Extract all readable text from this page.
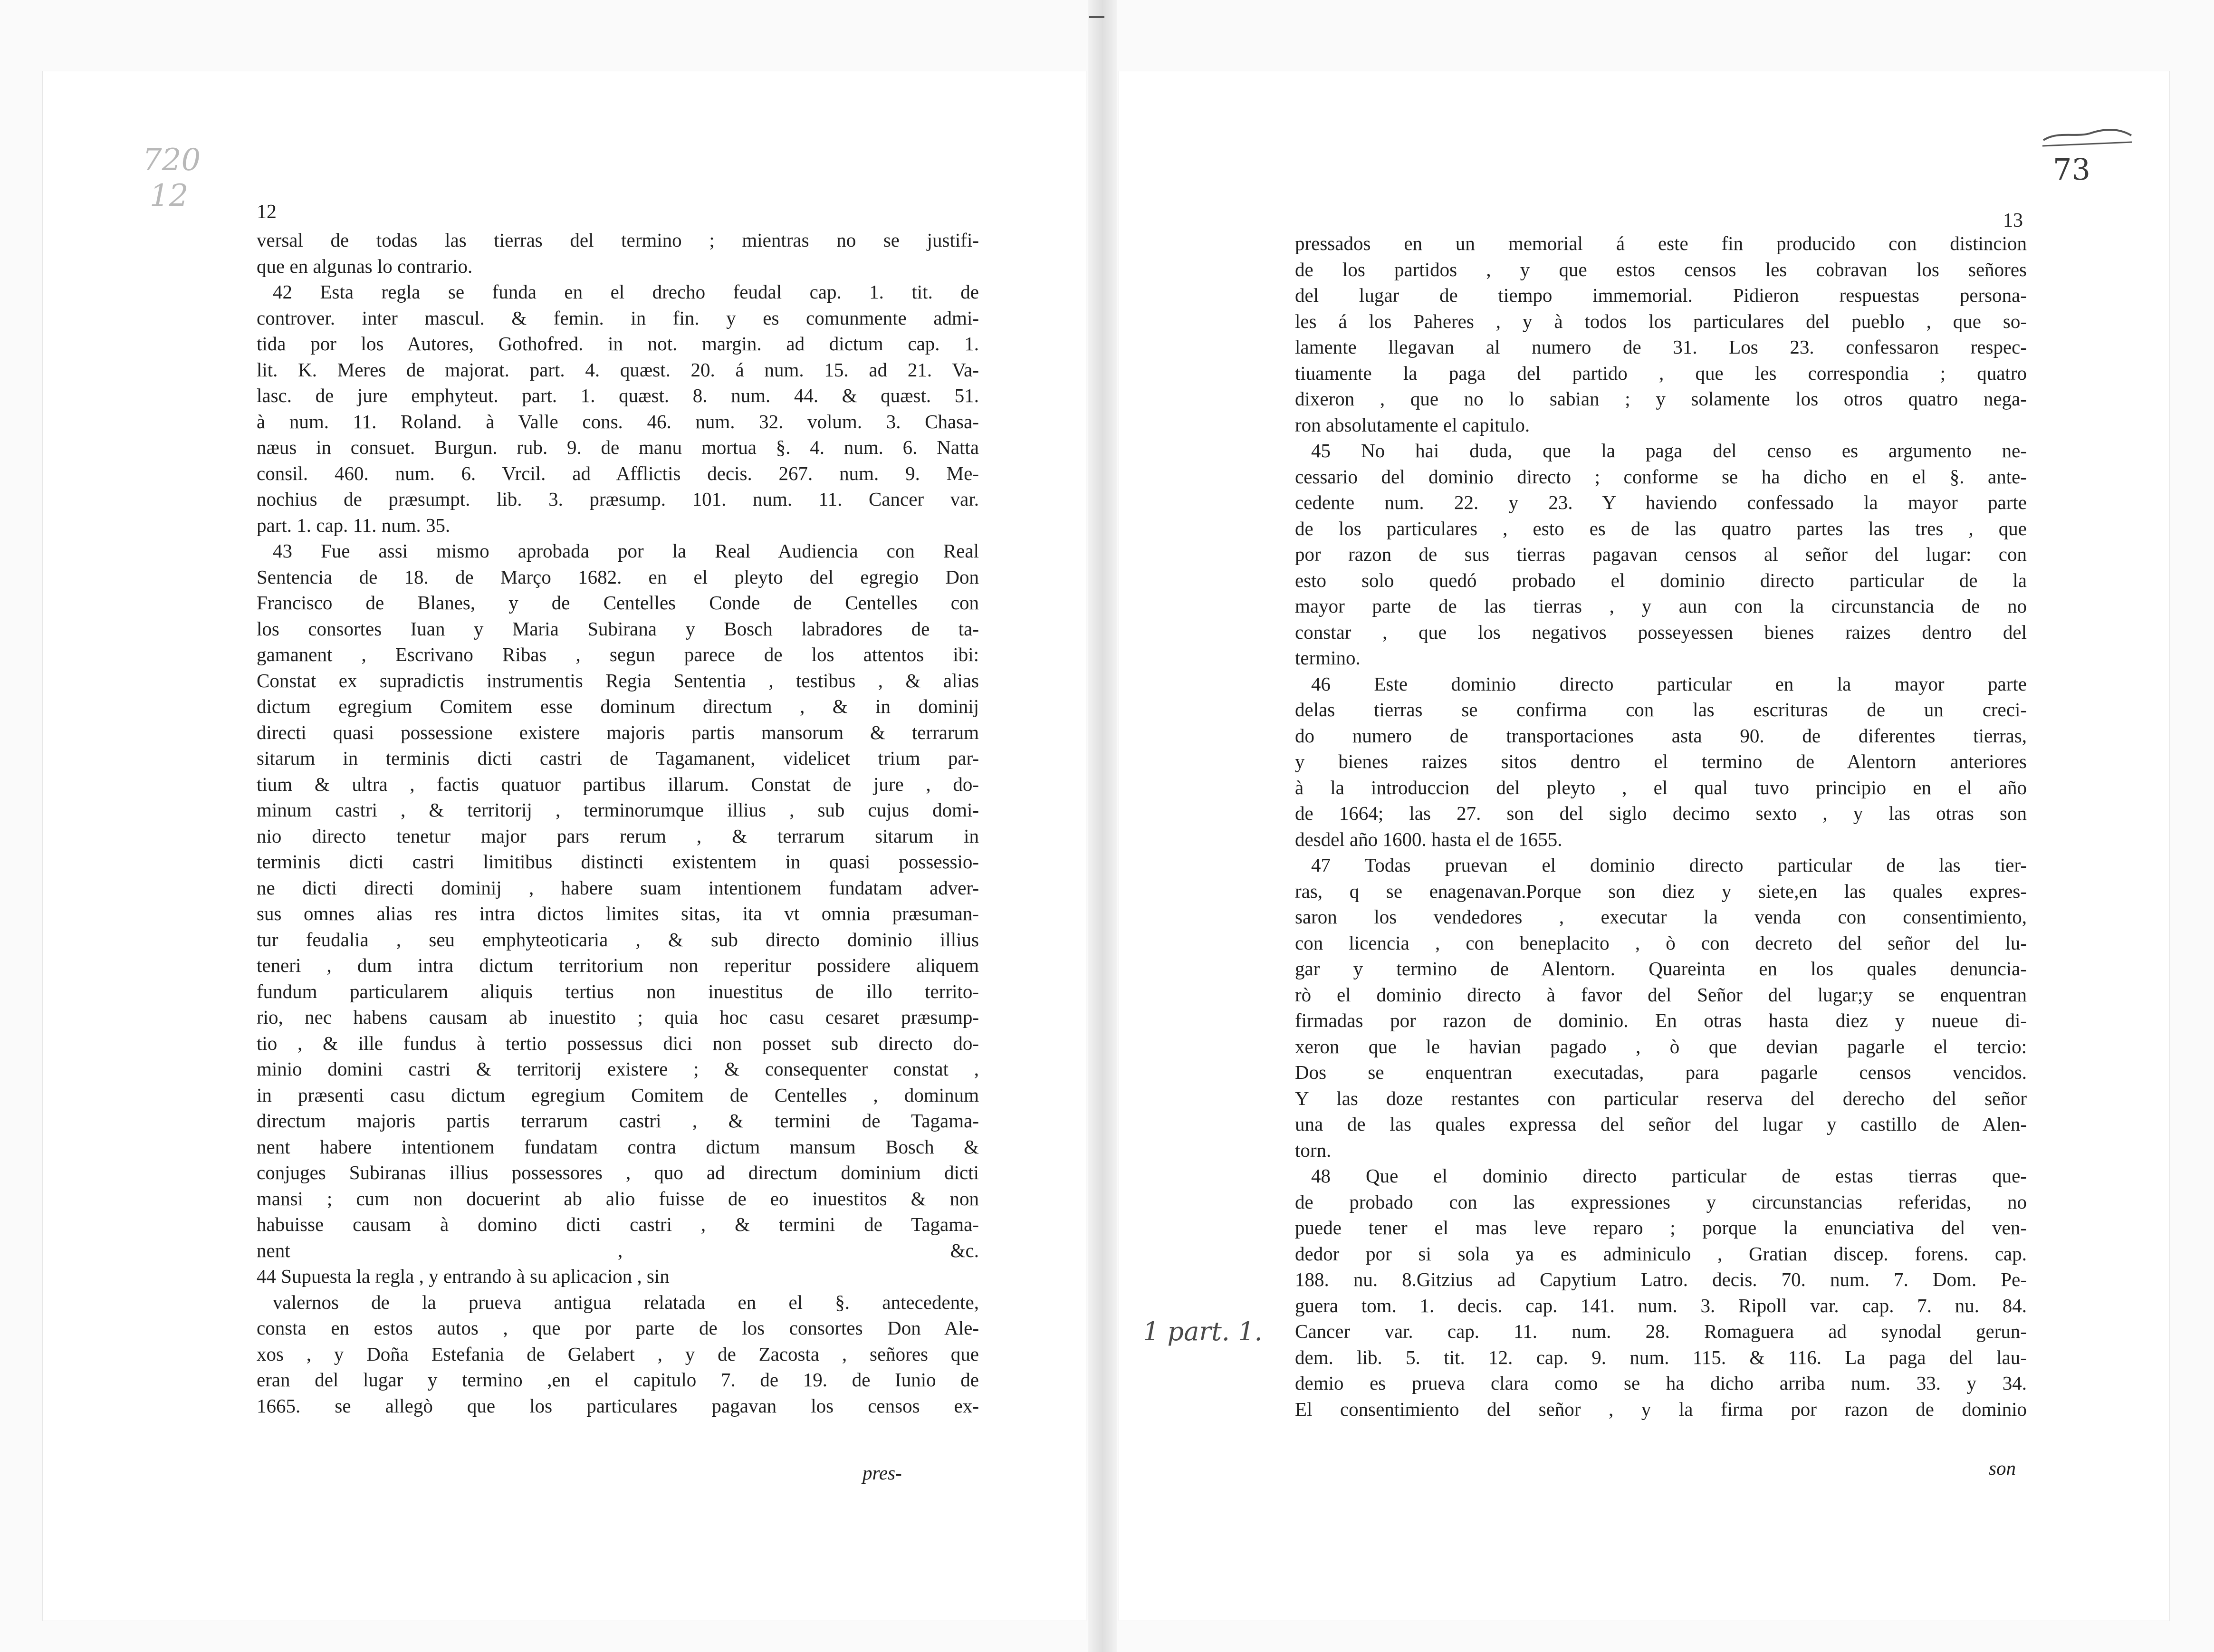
720
12	12
versal de todas las tierras del termino ; mientras no se justifi-
que en algunas lo contrario.
42 Esta regla se funda en el drecho feudal cap. 1. tit. de
controver. inter mascul. & femin. in fin. y es comunmente admi-
tida por los Autores, Gothofred. in not. margin. ad dictum cap. 1.
lit. K. Meres de majorat. part. 4. quæst. 20. á num. 15. ad 21. Va-
lasc. de jure emphyteut. part. 1. quæst. 8. num. 44. & quæst. 51.
à num. 11. Roland. à Valle cons. 46. num. 32. volum. 3. Chasa-
næus in consuet. Burgun. rub. 9. de manu mortua §. 4. num. 6. Natta
consil. 460. num. 6. Vrcil. ad Afflictis decis. 267. num. 9. Me-
nochius de præsumpt. lib. 3. præsump. 101. num. 11. Cancer var.
part. 1. cap. 11. num. 35.
43 Fue assi mismo aprobada por la Real Audiencia con Real
Sentencia de 18. de Março 1682. en el pleyto del egregio Don
Francisco de Blanes, y de Centelles Conde de Centelles con
los consortes Iuan y Maria Subirana y Bosch labradores de ta-
gamanent , Escrivano Ribas , segun parece de los attentos ibi:
Constat ex supradictis instrumentis Regia Sententia , testibus , & alias
dictum egregium Comitem esse dominum directum , & in dominij
directi quasi possessione existere majoris partis mansorum & terrarum
sitarum in terminis dicti castri de Tagamanent, videlicet trium par-
tium & ultra , factis quatuor partibus illarum. Constat de jure , do-
minum castri , & territorij , terminorumque illius , sub cujus domi-
nio directo tenetur major pars rerum , & terrarum sitarum in
terminis dicti castri limitibus distincti existentem in quasi possessio-
ne dicti directi dominij , habere suam intentionem fundatam adver-
sus omnes alias res intra dictos limites sitas, ita vt omnia præsuman-
tur feudalia , seu emphyteoticaria , & sub directo dominio illius
teneri , dum intra dictum territorium non reperitur possidere aliquem
fundum particularem aliquis tertius non inuestitus de illo territo-
rio, nec habens causam ab inuestito ; quia hoc casu cesaret præsump-
tio , & ille fundus à tertio possessus dici non posset sub directo do-
minio domini castri & territorij existere ; & consequenter constat ,
in præsenti casu dictum egregium Comitem de Centelles , dominum
directum majoris partis terrarum castri , & termini de Tagama-
nent habere intentionem fundatam contra dictum mansum Bosch &
conjuges Subiranas illius possessores , quo ad directum dominium dicti
mansi ; cum non docuerint ab alio fuisse de eo inuestitos & non
habuisse causam à domino dicti castri , & termini de Tagama-
nent , &c.
44 Supuesta la regla , y entrando à su aplicacion , sin
valernos de la prueva antigua relatada en el §. antecedente,
consta en estos autos , que por parte de los consortes Don Ale-
xos , y Doña Estefania de Gelabert , y de Zacosta , señores que
eran del lugar y termino ,en el capitulo 7. de 19. de Iunio de
1665. se allegò que los particulares pagavan los censos ex-
pres-
73
13
pressados en un memorial á este fin producido con distincion
de los partidos , y que estos censos les cobravan los señores
del lugar de tiempo immemorial. Pidieron respuestas persona-
les á los Paheres , y à todos los particulares del pueblo , que so-
lamente llegavan al numero de 31. Los 23. confessaron respec-
tiuamente la paga del partido , que les correspondia ; quatro
dixeron , que no lo sabian ; y solamente los otros quatro nega-
ron absolutamente el capitulo.
45 No hai duda, que la paga del censo es argumento ne-
cessario del dominio directo ; conforme se ha dicho en el §. ante-
cedente num. 22. y 23. Y haviendo confessado la mayor parte
de los particulares , esto es de las quatro partes las tres , que
por razon de sus tierras pagavan censos al señor del lugar: con
esto solo quedó probado el dominio directo particular de la
mayor parte de las tierras , y aun con la circunstancia de no
constar , que los negativos posseyessen bienes raizes dentro del
termino.
46 Este dominio directo particular en la mayor parte
delas tierras se confirma con las escrituras de un creci-
do numero de transportaciones asta 90. de diferentes tierras,
y bienes raizes sitos dentro el termino de Alentorn anteriores
à la introduccion del pleyto , el qual tuvo principio en el año
de 1664; las 27. son del siglo decimo sexto , y las otras son
desdel año 1600. hasta el de 1655.
47 Todas pruevan el dominio directo particular de las tier-
ras, q se enagenavan.Porque son diez y siete,en las quales expres-
saron los vendedores , executar la venda con consentimiento,
con licencia , con beneplacito , ò con decreto del señor del lu-
gar y termino de Alentorn. Quareinta en los quales denuncia-
rò el dominio directo à favor del Señor del lugar;y se enquentran
firmadas por razon de dominio. En otras hasta diez y nueue di-
xeron que le havian pagado , ò que devian pagarle el tercio:
Dos se enquentran executadas, para pagarle censos vencidos.
Y las doze restantes con particular reserva del derecho del señor
una de las quales expressa del señor del lugar y castillo de Alen-
torn.
48 Que el dominio directo particular de estas tierras que-
de probado con las expressiones y circunstancias referidas, no
puede tener el mas leve reparo ; porque la enunciativa del ven-
dedor por si sola ya es adminiculo , Gratian discep. forens. cap.
188. nu. 8.Gitzius ad Capytium Latro. decis. 70. num. 7. Dom. Pe-
guera tom. 1. decis. cap. 141. num. 3. Ripoll var. cap. 7. nu. 84.
Cancer var. cap. 11. num. 28. Romaguera ad synodal gerun-
dem. lib. 5. tit. 12. cap. 9. num. 115. & 116. La paga del lau-
demio es prueva clara como se ha dicho arriba num. 33. y 34.
El consentimiento del señor , y la firma por razon de dominio
son
1 part. 1.
